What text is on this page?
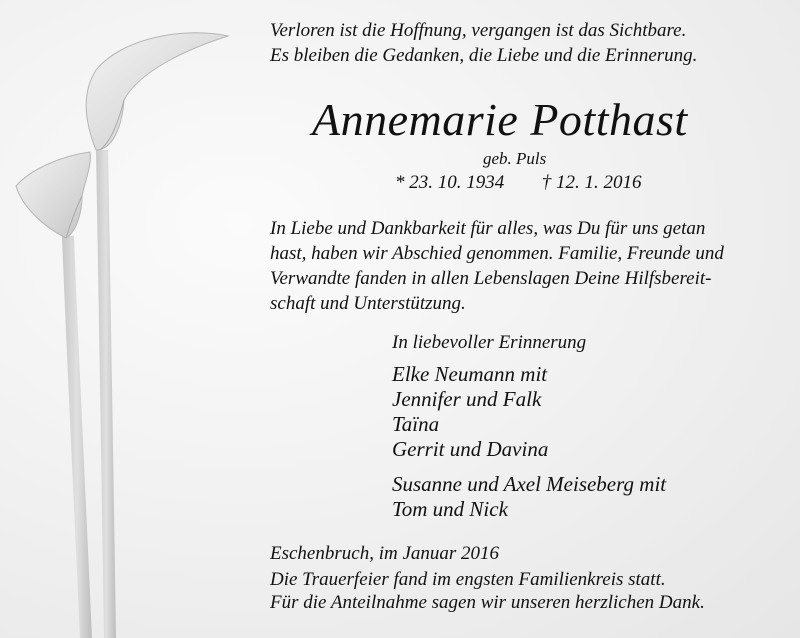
Verloren ist die Hoffnung, vergangen ist das Sichtbare.
Es bleiben die Gedanken, die Liebe und die Erinnerung.

Annemarie Potthast

geb. Puls

* 23. 10. 1934 † 12. 1. 2016

In Liebe und Dankbarkeit für alles, was Du für uns getan
hast, haben wir Abschied genommen. Familie, Freunde und
Verwandte fanden in allen Lebenslagen Deine Hilfsbereit-
schaft und Unterstützung.

In liebevoller Erinnerung

Elke Neumann mit
Jennifer und Falk
Taïna
Gerrit und Davina

Susanne und Axel Meiseberg mit
Tom und Nick

Eschenbruch, im Januar 2016

Die Trauerfeier fand im engsten Familienkreis statt.
Für die Anteilnahme sagen wir unseren herzlichen Dank.
